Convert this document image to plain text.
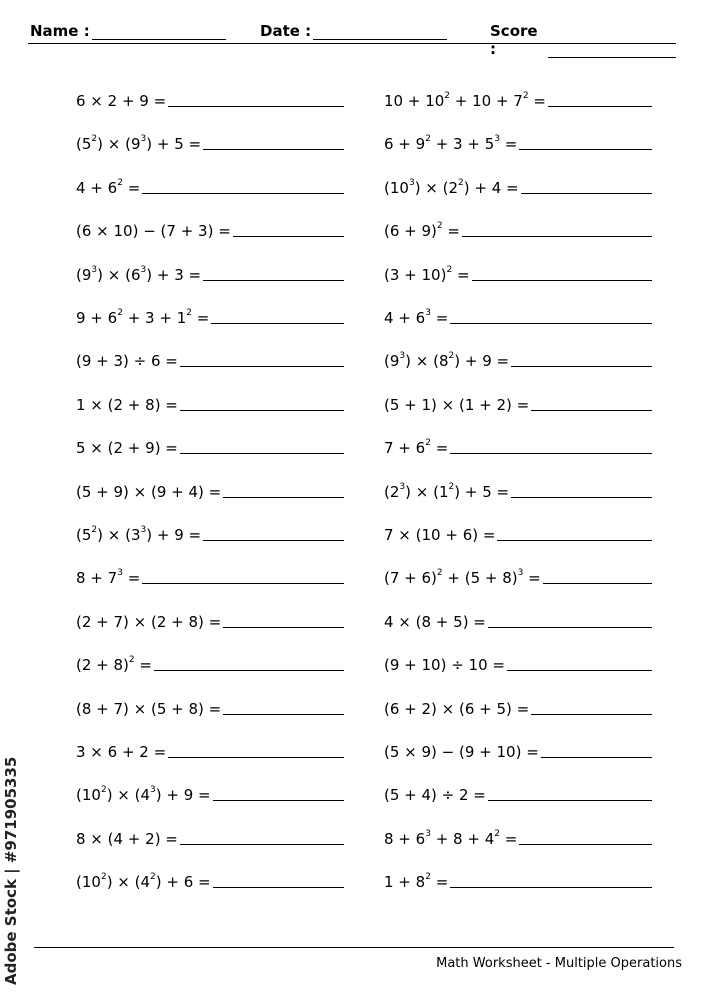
Name :	Date :	Score :
6 × 2 + 9 =
$(5^2) \times (9^3) + 5$ =
$4 + 6^2$ =
(6 × 10) − (7 + 3) =
$(9^3) \times (6^3) + 3$ =
$9 + 6^2 + 3 + 1^2$ =
(9 + 3) ÷ 6 =
1 × (2 + 8) =
5 × (2 + 9) =
(5 + 9) × (9 + 4) =
$(5^2) \times (3^3) + 9$ =
$8 + 7^3$ =
(2 + 7) × (2 + 8) =
$(2 + 8)^2$ =
(8 + 7) × (5 + 8) =
3 × 6 + 2 =
$(10^2) \times (4^3) + 9$ =
8 × (4 + 2) =
$(10^2) \times (4^2) + 6$ =
$10 + 10^2 + 10 + 7^2$ =
$6 + 9^2 + 3 + 5^3$ =
$(10^3) \times (2^2) + 4$ =
$(6 + 9)^2$ =
$(3 + 10)^2$ =
$4 + 6^3$ =
$(9^3) \times (8^2) + 9$ =
(5 + 1) × (1 + 2) =
$7 + 6^2$ =
$(2^3) \times (1^2) + 5$ =
7 × (10 + 6) =
$(7 + 6)^2 + (5 + 8)^3$ =
4 × (8 + 5) =
(9 + 10) ÷ 10 =
(6 + 2) × (6 + 5) =
(5 × 9) − (9 + 10) =
(5 + 4) ÷ 2 =
$8 + 6^3 + 8 + 4^2$ =
$1 + 8^2$ =
Math Worksheet - Multiple Operations
Adobe Stock | #971905335
